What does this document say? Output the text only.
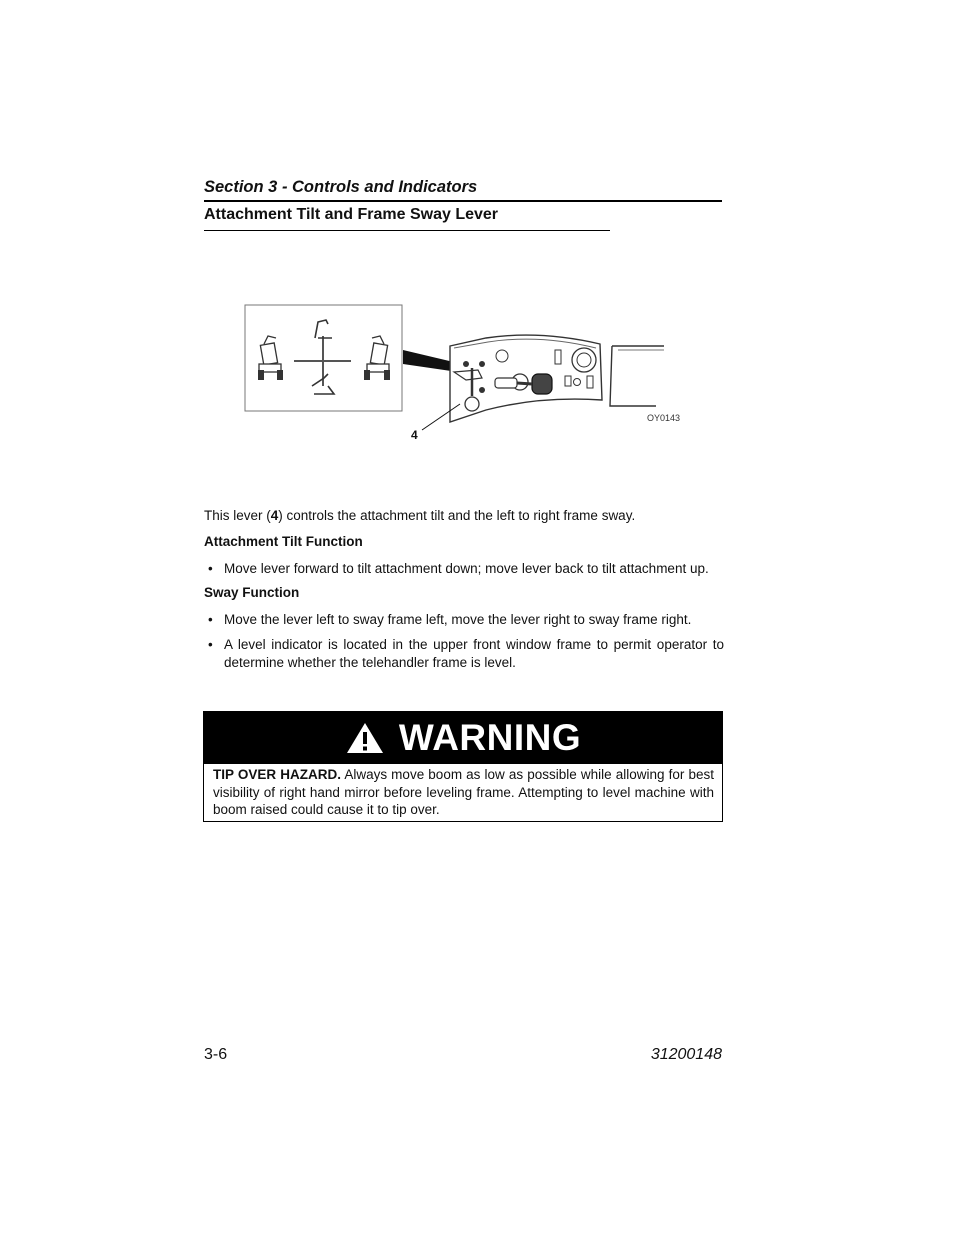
Section 3 - Controls and Indicators
Attachment Tilt and Frame Sway Lever
4
OY0143
This lever (4) controls the attachment tilt and the left to right frame sway.
Attachment Tilt Function
• Move lever forward to tilt attachment down; move lever back to tilt attachment up.
Sway Function
• Move the lever left to sway frame left, move the lever right to sway frame right.
• A level indicator is located in the upper front window frame to permit operator to determine whether the telehandler frame is level.
WARNING
TIP OVER HAZARD. Always move boom as low as possible while allowing for best visibility of right hand mirror before leveling frame. Attempting to level machine with boom raised could cause it to tip over.
3-6	31200148
